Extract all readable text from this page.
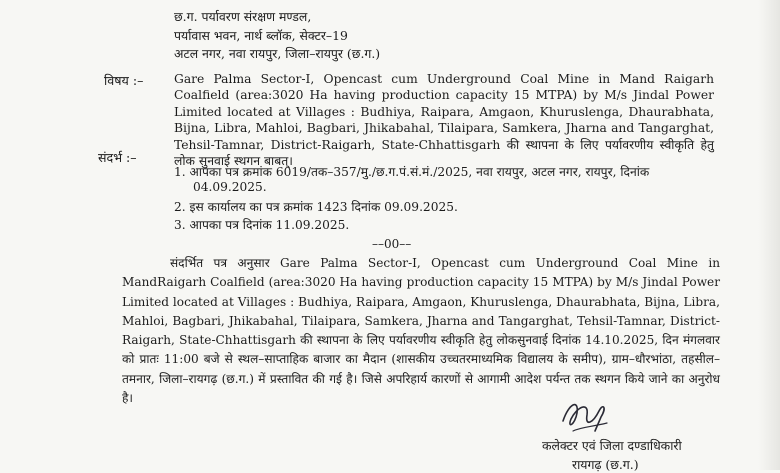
छ.ग. पर्यावरण संरक्षण मण्डल,
पर्यावास भवन, नार्थ ब्लॉक, सेक्टर–19
अटल नगर, नवा रायपुर, जिला–रायपुर (छ.ग.)
विषय :– Gare Palma Sector-I, Opencast cum Underground Coal Mine in Mand Raigarh Coalfield (area:3020 Ha having production capacity 15 MTPA) by M/s Jindal Power Limited located at Villages : Budhiya, Raipara, Amgaon, Khuruslenga, Dhaurabhata, Bijna, Libra, Mahloi, Bagbari, Jhikabahal, Tilaipara, Samkera, Jharna and Tangarghat, Tehsil-Tamnar, District-Raigarh, State-Chhattisgarh की स्थापना के लिए पर्यावरणीय स्वीकृति हेतु लोक सुनवाई स्थगन बाबत्।
संदर्भ :–
1. आपका पत्र क्रमांक 6019/तक–357/मु./छ.ग.पं.सं.मं./2025, नवा रायपुर, अटल नगर, रायपुर, दिनांक
04.09.2025.
2. इस कार्यालय का पत्र क्रमांक 1423 दिनांक 09.09.2025.
3. आपका पत्र दिनांक 11.09.2025.
––00––
संदर्भित पत्र अनुसार Gare Palma Sector-I, Opencast cum Underground Coal Mine in MandRaigarh Coalfield (area:3020 Ha having production capacity 15 MTPA) by M/s Jindal Power Limited located at Villages : Budhiya, Raipara, Amgaon, Khuruslenga, Dhaurabhata, Bijna, Libra, Mahloi, Bagbari, Jhikabahal, Tilaipara, Samkera, Jharna and Tangarghat, Tehsil-Tamnar, District-Raigarh, State-Chhattisgarh की स्थापना के लिए पर्यावरणीय स्वीकृति हेतु लोकसुनवाई दिनांक 14.10.2025, दिन मंगलवार को प्रातः 11:00 बजे से स्थल–साप्ताहिक बाजार का मैदान (शासकीय उच्चतरमाध्यमिक विद्यालय के समीप), ग्राम–धौरभांठा, तहसील–तमनार, जिला–रायगढ़ (छ.ग.) में प्रस्तावित की गई है। जिसे अपरिहार्य कारणों से आगामी आदेश पर्यन्त तक स्थगन किये जाने का अनुरोध है।
कलेक्टर एवं जिला दण्डाधिकारी
रायगढ़ (छ.ग.)
